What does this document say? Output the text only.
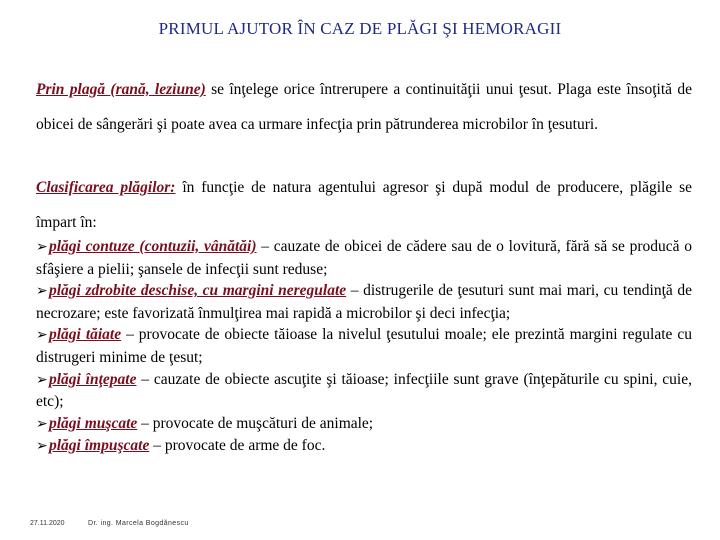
PRIMUL AJUTOR ÎN CAZ DE PLĂGI ŞI HEMORAGII
Prin plagă (rană, leziune) se înţelege orice întrerupere a continuităţii unui ţesut. Plaga este însoţită de obicei de sângerări şi poate avea ca urmare infecţia prin pătrunderea microbilor în ţesuturi.
Clasificarea plăgilor: în funcţie de natura agentului agresor şi după modul de producere, plăgile se împart în:
➢plăgi contuze (contuzii, vânătăi) – cauzate de obicei de cădere sau de o lovitură, fără să se producă o sfâşiere a pielii; şansele de infecţii sunt reduse;
➢plăgi zdrobite deschise, cu margini neregulate – distrugerile de ţesuturi sunt mai mari, cu tendinţă de necrozare; este favorizată înmulţirea mai rapidă a microbilor şi deci infecţia;
➢plăgi tăiate – provocate de obiecte tăioase la nivelul ţesutului moale; ele prezintă margini regulate cu distrugeri minime de ţesut;
➢plăgi înţepate – cauzate de obiecte ascuţite şi tăioase; infecţiile sunt grave (înţepăturile cu spini, cuie, etc);
➢plăgi muşcate – provocate de muşcături de animale;
➢plăgi împuşcate – provocate de arme de foc.
27.11.2020	Dr. ing. Marcela Bogdănescu
